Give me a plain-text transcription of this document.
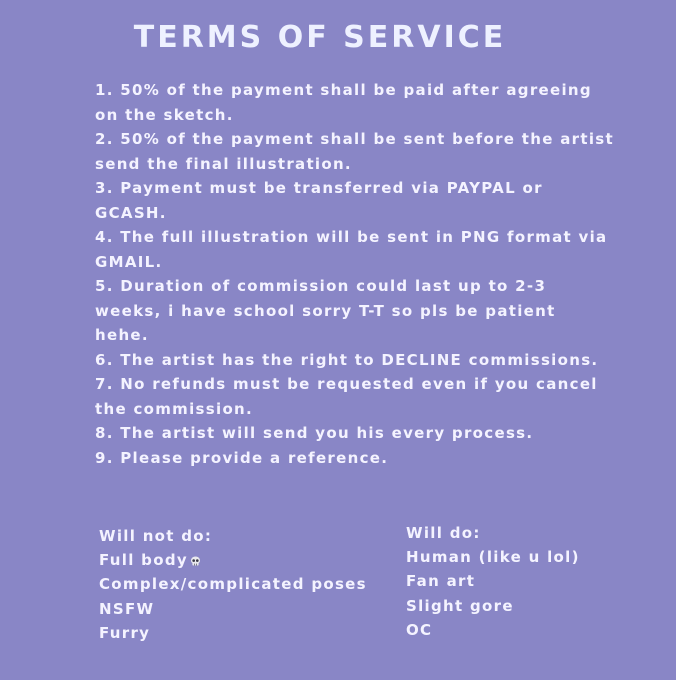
TERMS OF SERVICE
1. 50% of the payment shall be paid after agreeing on the sketch.
2. 50% of the payment shall be sent before the artist send the final illustration.
3. Payment must be transferred via PAYPAL or GCASH.
4. The full illustration will be sent in PNG format via GMAIL.
5. Duration of commission could last up to 2-3 weeks, i have school sorry T-T so pls be patient hehe.
6. The artist has the right to DECLINE commissions.
7. No refunds must be requested even if you cancel the commission.
8. The artist will send you his every process.
9. Please provide a reference.
Will not do:
Full body
Complex/complicated poses
NSFW
Furry
Will do:
Human (like u lol)
Fan art
Slight gore
OC
